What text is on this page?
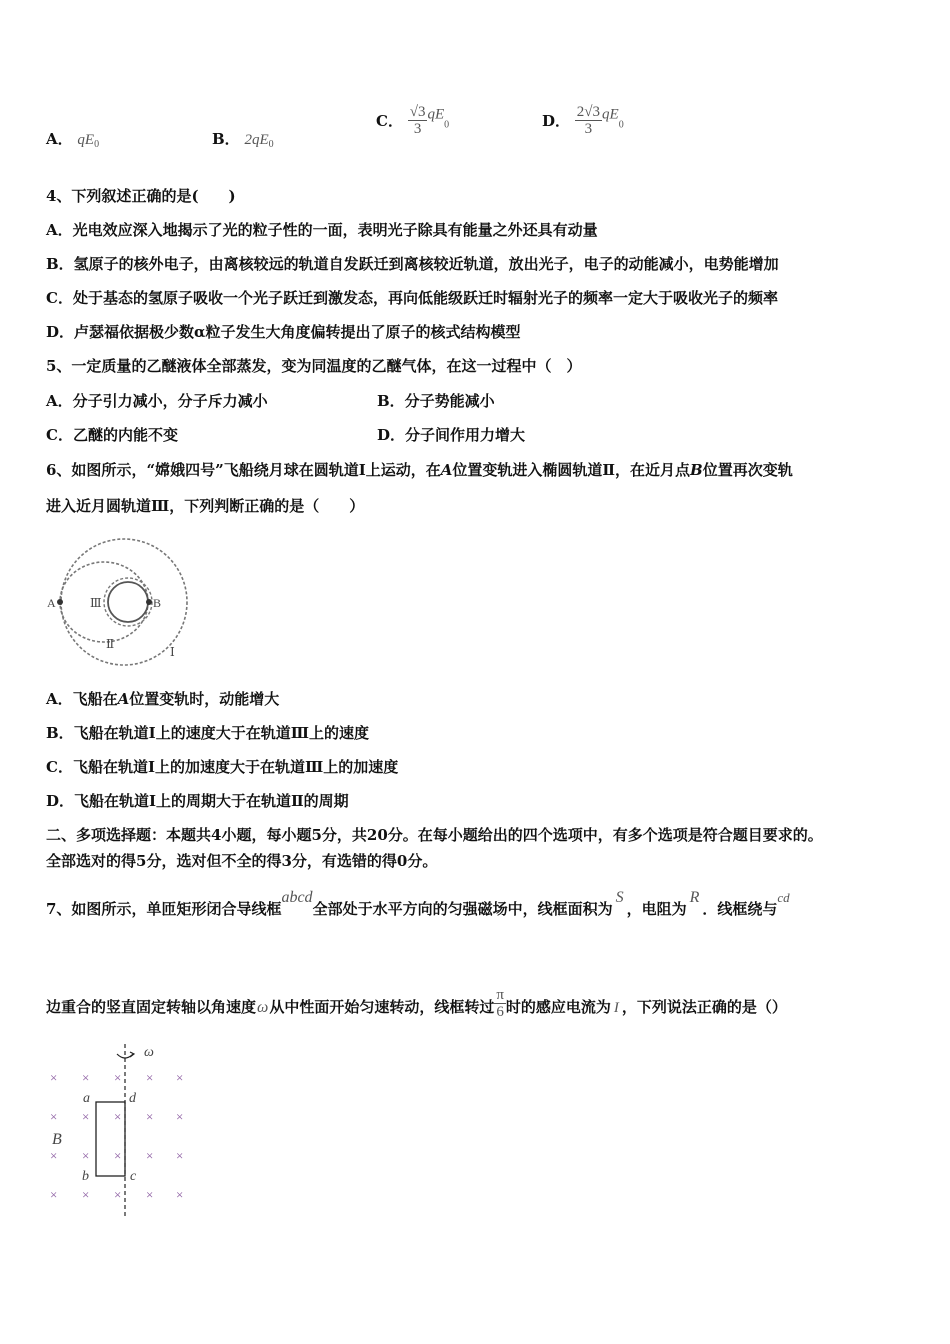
A． $qE_0$	B． $2qE_0$
C． $\frac{√3}{3} qE_0$	D． $\frac{2√3}{3} qE_0$
4、下列叙述正确的是(　　)
A．光电效应深入地揭示了光的粒子性的一面，表明光子除具有能量之外还具有动量
B．氢原子的核外电子，由离核较远的轨道自发跃迁到离核较近轨道，放出光子，电子的动能减小，电势能增加
C．处于基态的氢原子吸收一个光子跃迁到激发态，再向低能级跃迁时辐射光子的频率一定大于吸收光子的频率
D．卢瑟福依据极少数α粒子发生大角度偏转提出了原子的核式结构模型
5、一定质量的乙醚液体全部蒸发，变为同温度的乙醚气体，在这一过程中（　）
A．分子引力减小，分子斥力减小	B．分子势能减小
C．乙醚的内能不变	D．分子间作用力增大
6、如图所示，“嫦娥四号”飞船绕月球在圆轨道Ⅰ上运动，在A位置变轨进入椭圆轨道Ⅱ，在近月点B位置再次变轨
进入近月圆轨道Ⅲ，下列判断正确的是（　　）
A	B
Ⅲ
Ⅱ
Ⅰ
A．飞船在A位置变轨时，动能增大
B．飞船在轨道Ⅰ上的速度大于在轨道Ⅲ上的速度
C．飞船在轨道Ⅰ上的加速度大于在轨道Ⅲ上的加速度
D．飞船在轨道Ⅰ上的周期大于在轨道Ⅱ的周期
二、多项选择题：本题共4小题，每小题5分，共20分。在每小题给出的四个选项中，有多个选项是符合题目要求的。
全部选对的得5分，选对但不全的得3分，有选错的得0分。
7、如图所示，单匝矩形闭合导线框abcd全部处于水平方向的匀强磁场中，线框面积为S，电阻为R．线框绕与cd
边重合的竖直固定转轴以角速度ω从中性面开始匀速转动，线框转过 $\frac{\pi}{6}$ 时的感应电流为 I ，下列说法正确的是（）
× × × × ×
× × × × ×
× × × × ×
× × × × ×
ω
a	d
b	c
B
